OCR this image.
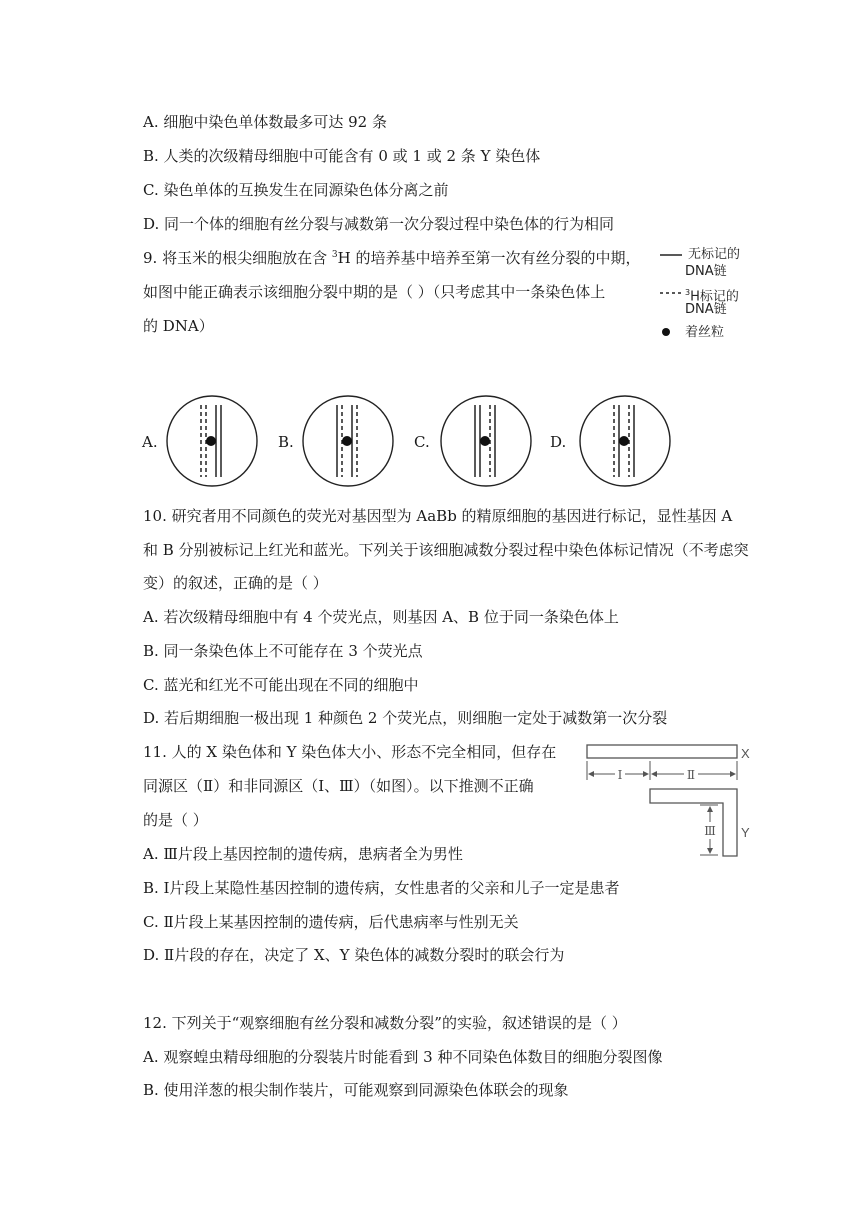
A. 细胞中染色单体数最多可达 92 条
B. 人类的次级精母细胞中可能含有 0 或 1 或 2 条 Y 染色体
C. 染色单体的互换发生在同源染色体分离之前
D. 同一个体的细胞有丝分裂与减数第一次分裂过程中染色体的行为相同
9. 将玉米的根尖细胞放在含 $^3$H 的培养基中培养至第一次有丝分裂的中期，
如图中能正确表示该细胞分裂中期的是（ ）（只考虑其中一条染色体上
的 DNA）
无标记的
DNA链
$^3$H标记的
DNA链
着丝粒
A.	B.	C.	D.
10. 研究者用不同颜色的荧光对基因型为 AaBb 的精原细胞的基因进行标记，显性基因 A
和 B 分别被标记上红光和蓝光。下列关于该细胞减数分裂过程中染色体标记情况（不考虑突
变）的叙述，正确的是（ ）
A. 若次级精母细胞中有 4 个荧光点，则基因 A、B 位于同一条染色体上
B. 同一条染色体上不可能存在 3 个荧光点
C. 蓝光和红光不可能出现在不同的细胞中
D. 若后期细胞一极出现 1 种颜色 2 个荧光点，则细胞一定处于减数第一次分裂
11. 人的 X 染色体和 Y 染色体大小、形态不完全相同，但存在
同源区（Ⅱ）和非同源区（Ⅰ、Ⅲ）（如图）。以下推测不正确
的是（ ）
X
Ⅰ	Ⅱ
Y
Ⅲ
A. Ⅲ片段上基因控制的遗传病，患病者全为男性
B. Ⅰ片段上某隐性基因控制的遗传病，女性患者的父亲和儿子一定是患者
C. Ⅱ片段上某基因控制的遗传病，后代患病率与性别无关
D. Ⅱ片段的存在，决定了 X、Y 染色体的减数分裂时的联会行为
12. 下列关于“观察细胞有丝分裂和减数分裂”的实验，叙述错误的是（ ）
A. 观察蝗虫精母细胞的分裂装片时能看到 3 种不同染色体数目的细胞分裂图像
B. 使用洋葱的根尖制作装片，可能观察到同源染色体联会的现象
